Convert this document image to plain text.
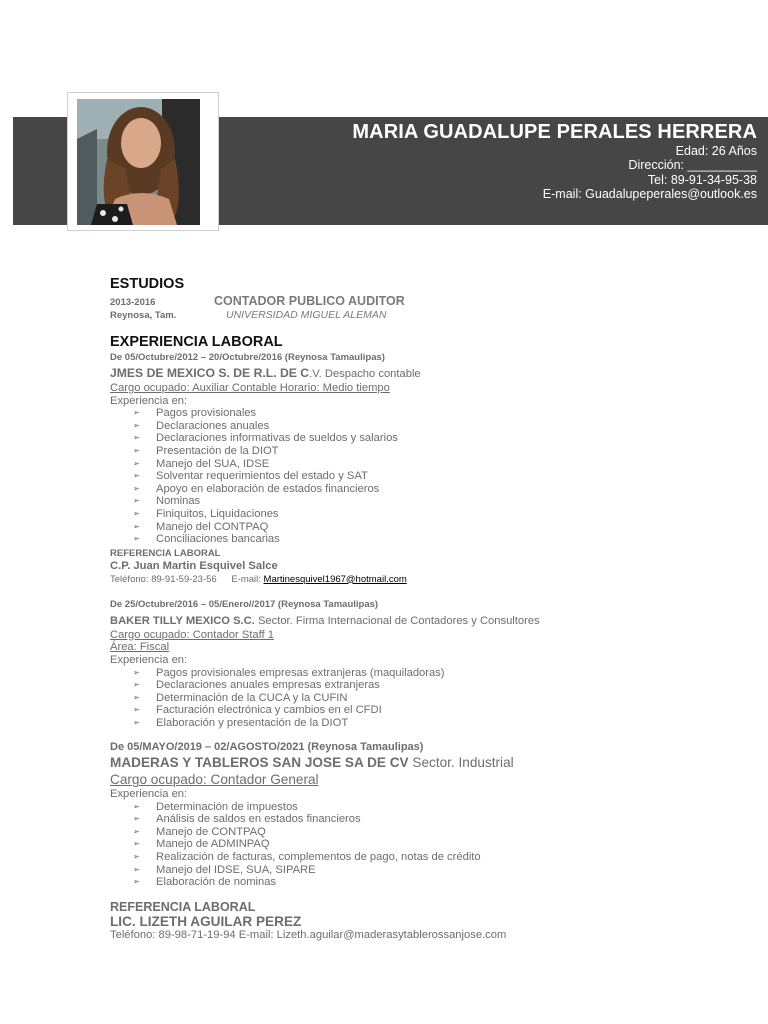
MARIA GUADALUPE PERALES HERRERA
Edad: 26 Años
Dirección: __________
Tel: 89-91-34-95-38
E-mail: Guadalupeperales@outlook.es
ESTUDIOS
2013-2016	CONTADOR PUBLICO AUDITOR
Reynosa, Tam.	UNIVERSIDAD MIGUEL ALEMAN
EXPERIENCIA LABORAL
De 05/Octubre/2012 – 20/Octubre/2016 (Reynosa Tamaulipas)
JMES DE MEXICO S. DE R.L. DE C.V. Despacho contable
Cargo ocupado: Auxiliar Contable Horario: Medio tiempo
Experiencia en:
➢	Pagos provisionales
➢	Declaraciones anuales
➢	Declaraciones informativas de sueldos y salarios
➢	Presentación de la DIOT
➢	Manejo del SUA, IDSE
➢	Solventar requerimientos del estado y SAT
➢	Apoyo en elaboración de estados financieros
➢	Nominas
➢	Finiquitos, Liquidaciones
➢	Manejo del CONTPAQ
➢	Conciliaciones bancarias
REFERENCIA LABORAL
C.P. Juan Martin Esquivel Salce
Teléfono: 89-91-59-23-56 E-mail: Martinesquivel1967@hotmail.com
De 25/Octubre/2016 – 05/Enero//2017 (Reynosa Tamaulipas)
BAKER TILLY MEXICO S.C. Sector. Firma Internacional de Contadores y Consultores
Cargo ocupado: Contador Staff 1
Área: Fiscal
Experiencia en:
➢	Pagos provisionales empresas extranjeras (maquiladoras)
➢	Declaraciones anuales empresas extranjeras
➢	Determinación de la CUCA y la CUFIN
➢	Facturación electrónica y cambios en el CFDI
➢	Elaboración y presentación de la DIOT
De 05/MAYO/2019 – 02/AGOSTO/2021 (Reynosa Tamaulipas)
MADERAS Y TABLEROS SAN JOSE SA DE CV Sector. Industrial
Cargo ocupado: Contador General
Experiencia en:
➢	Determinación de impuestos
➢	Análisis de saldos en estados financieros
➢	Manejo de CONTPAQ
➢	Manejo de ADMINPAQ
➢	Realización de facturas, complementos de pago, notas de crédito
➢	Manejo del IDSE, SUA, SIPARE
➢	Elaboración de nominas
REFERENCIA LABORAL
LIC. LIZETH AGUILAR PEREZ
Teléfono: 89-98-71-19-94 E-mail: Lizeth.aguilar@maderasytablerossanjose.com
